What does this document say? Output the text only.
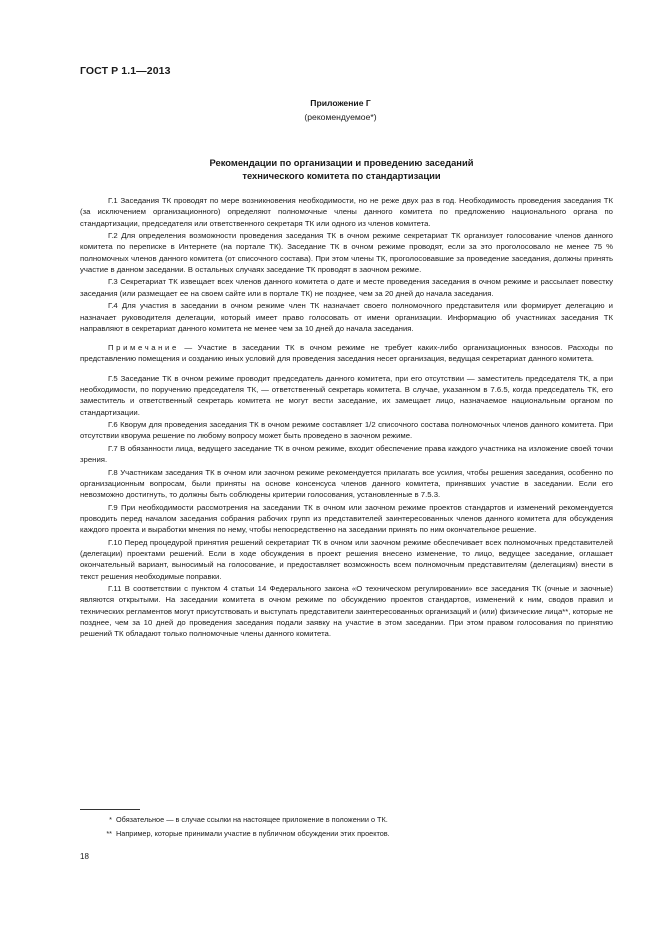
ГОСТ Р 1.1—2013
Приложение Г
(рекомендуемое*)
Рекомендации по организации и проведению заседаний
технического комитета по стандартизации

Г.1 Заседания ТК проводят по мере возникновения необходимости, но не реже двух раз в год. Необходимость проведения заседания ТК (за исключением организационного) определяют полномочные члены данного комитета по предложению национального органа по стандартизации, председателя или ответственного секретаря ТК или одного из членов комитета.

Г.2 Для определения возможности проведения заседания ТК в очном режиме секретариат ТК организует голосование членов данного комитета по переписке в Интернете (на портале ТК). Заседание ТК в очном режиме проводят, если за это проголосовало не менее 75 % полномочных членов данного комитета (от списочного состава). При этом члены ТК, проголосовавшие за проведение заседания, должны принять участие в данном заседании. В остальных случаях заседание ТК проводят в заочном режиме.

Г.3 Секретариат ТК извещает всех членов данного комитета о дате и месте проведения заседания в очном режиме и рассылает повестку заседания (или размещает ее на своем сайте или в портале ТК) не позднее, чем за 20 дней до начала заседания.

Г.4 Для участия в заседании в очном режиме член ТК назначает своего полномочного представителя или формирует делегацию и назначает руководителя делегации, который имеет право голосовать от имени организации. Информацию об участниках заседания ТК направляют в секретариат данного комитета не менее чем за 10 дней до начала заседания.

Примечание — Участие в заседании ТК в очном режиме не требует каких-либо организационных взносов. Расходы по представлению помещения и созданию иных условий для проведения заседания несет организация, ведущая секретариат данного комитета.

Г.5 Заседание ТК в очном режиме проводит председатель данного комитета, при его отсутствии — заместитель председателя ТК, а при необходимости, по поручению председателя ТК, — ответственный секретарь комитета. В случае, указанном в 7.6.5, когда председатель ТК, его заместитель и ответственный секретарь комитета не могут вести заседание, их замещает лицо, назначаемое национальным органом по стандартизации.

Г.6 Кворум для проведения заседания ТК в очном режиме составляет 1/2 списочного состава полномочных членов данного комитета. При отсутствии кворума решение по любому вопросу может быть проведено в заочном режиме.

Г.7 В обязанности лица, ведущего заседание ТК в очном режиме, входит обеспечение права каждого участника на изложение своей точки зрения.

Г.8 Участникам заседания ТК в очном или заочном режиме рекомендуется прилагать все усилия, чтобы решения заседания, особенно по организационным вопросам, были приняты на основе консенсуса членов данного комитета, принявших участие в заседании. Если его невозможно достигнуть, то должны быть соблюдены критерии голосования, установленные в 7.5.3.

Г.9 При необходимости рассмотрения на заседании ТК в очном или заочном режиме проектов стандартов и изменений рекомендуется проводить перед началом заседания собрания рабочих групп из представителей заинтересованных членов данного комитета для обсуждения каждого проекта и выработки мнения по нему, чтобы непосредственно на заседании принять по ним окончательное решение.

Г.10 Перед процедурой принятия решений секретариат ТК в очном или заочном режиме обеспечивает всех полномочных представителей (делегации) проектами решений. Если в ходе обсуждения в проект решения внесено изменение, то лицо, ведущее заседание, оглашает окончательный вариант, выносимый на голосование, и предоставляет возможность всем полномочным представителям (делегациям) внести в текст решения необходимые поправки.

Г.11 В соответствии с пунктом 4 статьи 14 Федерального закона «О техническом регулировании» все заседания ТК (очные и заочные) являются открытыми. На заседании комитета в очном режиме по обсуждению проектов стандартов, изменений к ним, сводов правил и технических регламентов могут присутствовать и выступать представители заинтересованных организаций и (или) физические лица**, которые не позднее, чем за 10 дней до проведения заседания подали заявку на участие в этом заседании. При этом правом голосования по принятию решений ТК обладают только полномочные члены данного комитета.

* Обязательное — в случае ссылки на настоящее приложение в положении о ТК.
** Например, которые принимали участие в публичном обсуждении этих проектов.
18
